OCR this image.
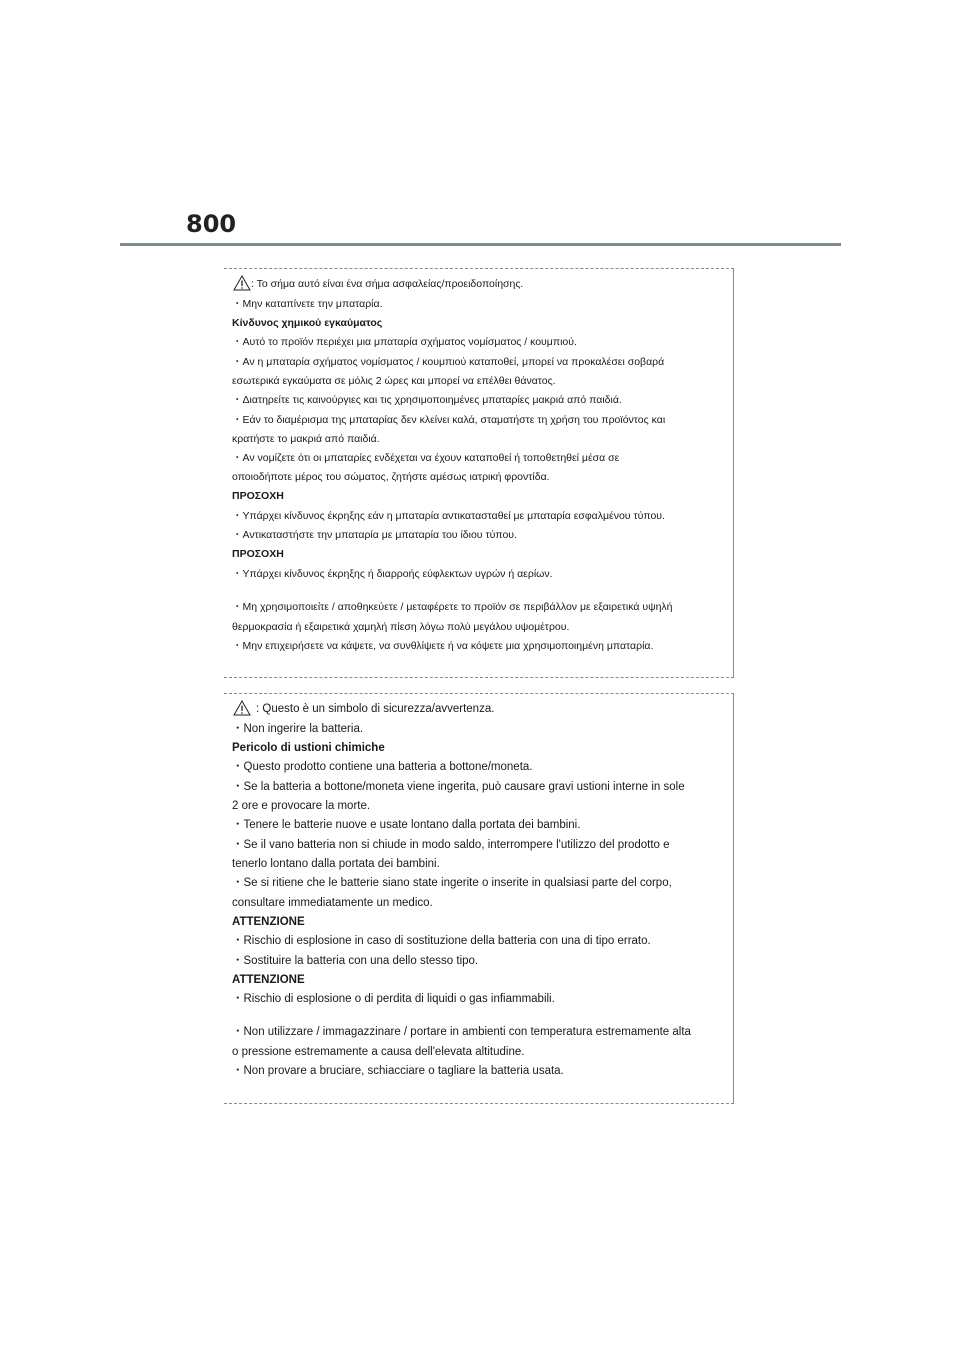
800
: Το σήμα αυτό είναι ένα σήμα ασφαλείας/προειδοποίησης.
・Μην καταπίνετε την μπαταρία.
Κίνδυνος χημικού εγκαύματος
・Αυτό το προϊόν περιέχει μια μπαταρία σχήματος νομίσματος / κουμπιού.
・Αν η μπαταρία σχήματος νομίσματος / κουμπιού καταποθεί, μπορεί να προκαλέσει σοβαρά
εσωτερικά εγκαύματα σε μόλις 2 ώρες και μπορεί να επέλθει θάνατος.
・Διατηρείτε τις καινούργιες και τις χρησιμοποιημένες μπαταρίες μακριά από παιδιά.
・Εάν το διαμέρισμα της μπαταρίας δεν κλείνει καλά, σταματήστε τη χρήση του προϊόντος και
κρατήστε το μακριά από παιδιά.
・Αν νομίζετε ότι οι μπαταρίες ενδέχεται να έχουν καταποθεί ή τοποθετηθεί μέσα σε
οποιοδήποτε μέρος του σώματος, ζητήστε αμέσως ιατρική φροντίδα.
ΠΡΟΣΟΧΗ
・Υπάρχει κίνδυνος έκρηξης εάν η μπαταρία αντικατασταθεί με μπαταρία εσφαλμένου τύπου.
・Αντικαταστήστε την μπαταρία με μπαταρία του ίδιου τύπου.
ΠΡΟΣΟΧΗ
・Υπάρχει κίνδυνος έκρηξης ή διαρροής εύφλεκτων υγρών ή αερίων.
・Μη χρησιμοποιείτε / αποθηκεύετε / μεταφέρετε το προϊόν σε περιβάλλον με εξαιρετικά υψηλή
θερμοκρασία ή εξαιρετικά χαμηλή πίεση λόγω πολύ μεγάλου υψομέτρου.
・Μην επιχειρήσετε να κάψετε, να συνθλίψετε ή να κόψετε μια χρησιμοποιημένη μπαταρία.
: Questo è un simbolo di sicurezza/avvertenza.
・Non ingerire la batteria.
Pericolo di ustioni chimiche
・Questo prodotto contiene una batteria a bottone/moneta.
・Se la batteria a bottone/moneta viene ingerita, può causare gravi ustioni interne in sole
2 ore e provocare la morte.
・Tenere le batterie nuove e usate lontano dalla portata dei bambini.
・Se il vano batteria non si chiude in modo saldo, interrompere l'utilizzo del prodotto e
tenerlo lontano dalla portata dei bambini.
・Se si ritiene che le batterie siano state ingerite o inserite in qualsiasi parte del corpo,
consultare immediatamente un medico.
ATTENZIONE
・Rischio di esplosione in caso di sostituzione della batteria con una di tipo errato.
・Sostituire la batteria con una dello stesso tipo.
ATTENZIONE
・Rischio di esplosione o di perdita di liquidi o gas infiammabili.
・Non utilizzare / immagazzinare / portare in ambienti con temperatura estremamente alta
o pressione estremamente a causa dell'elevata altitudine.
・Non provare a bruciare, schiacciare o tagliare la batteria usata.
